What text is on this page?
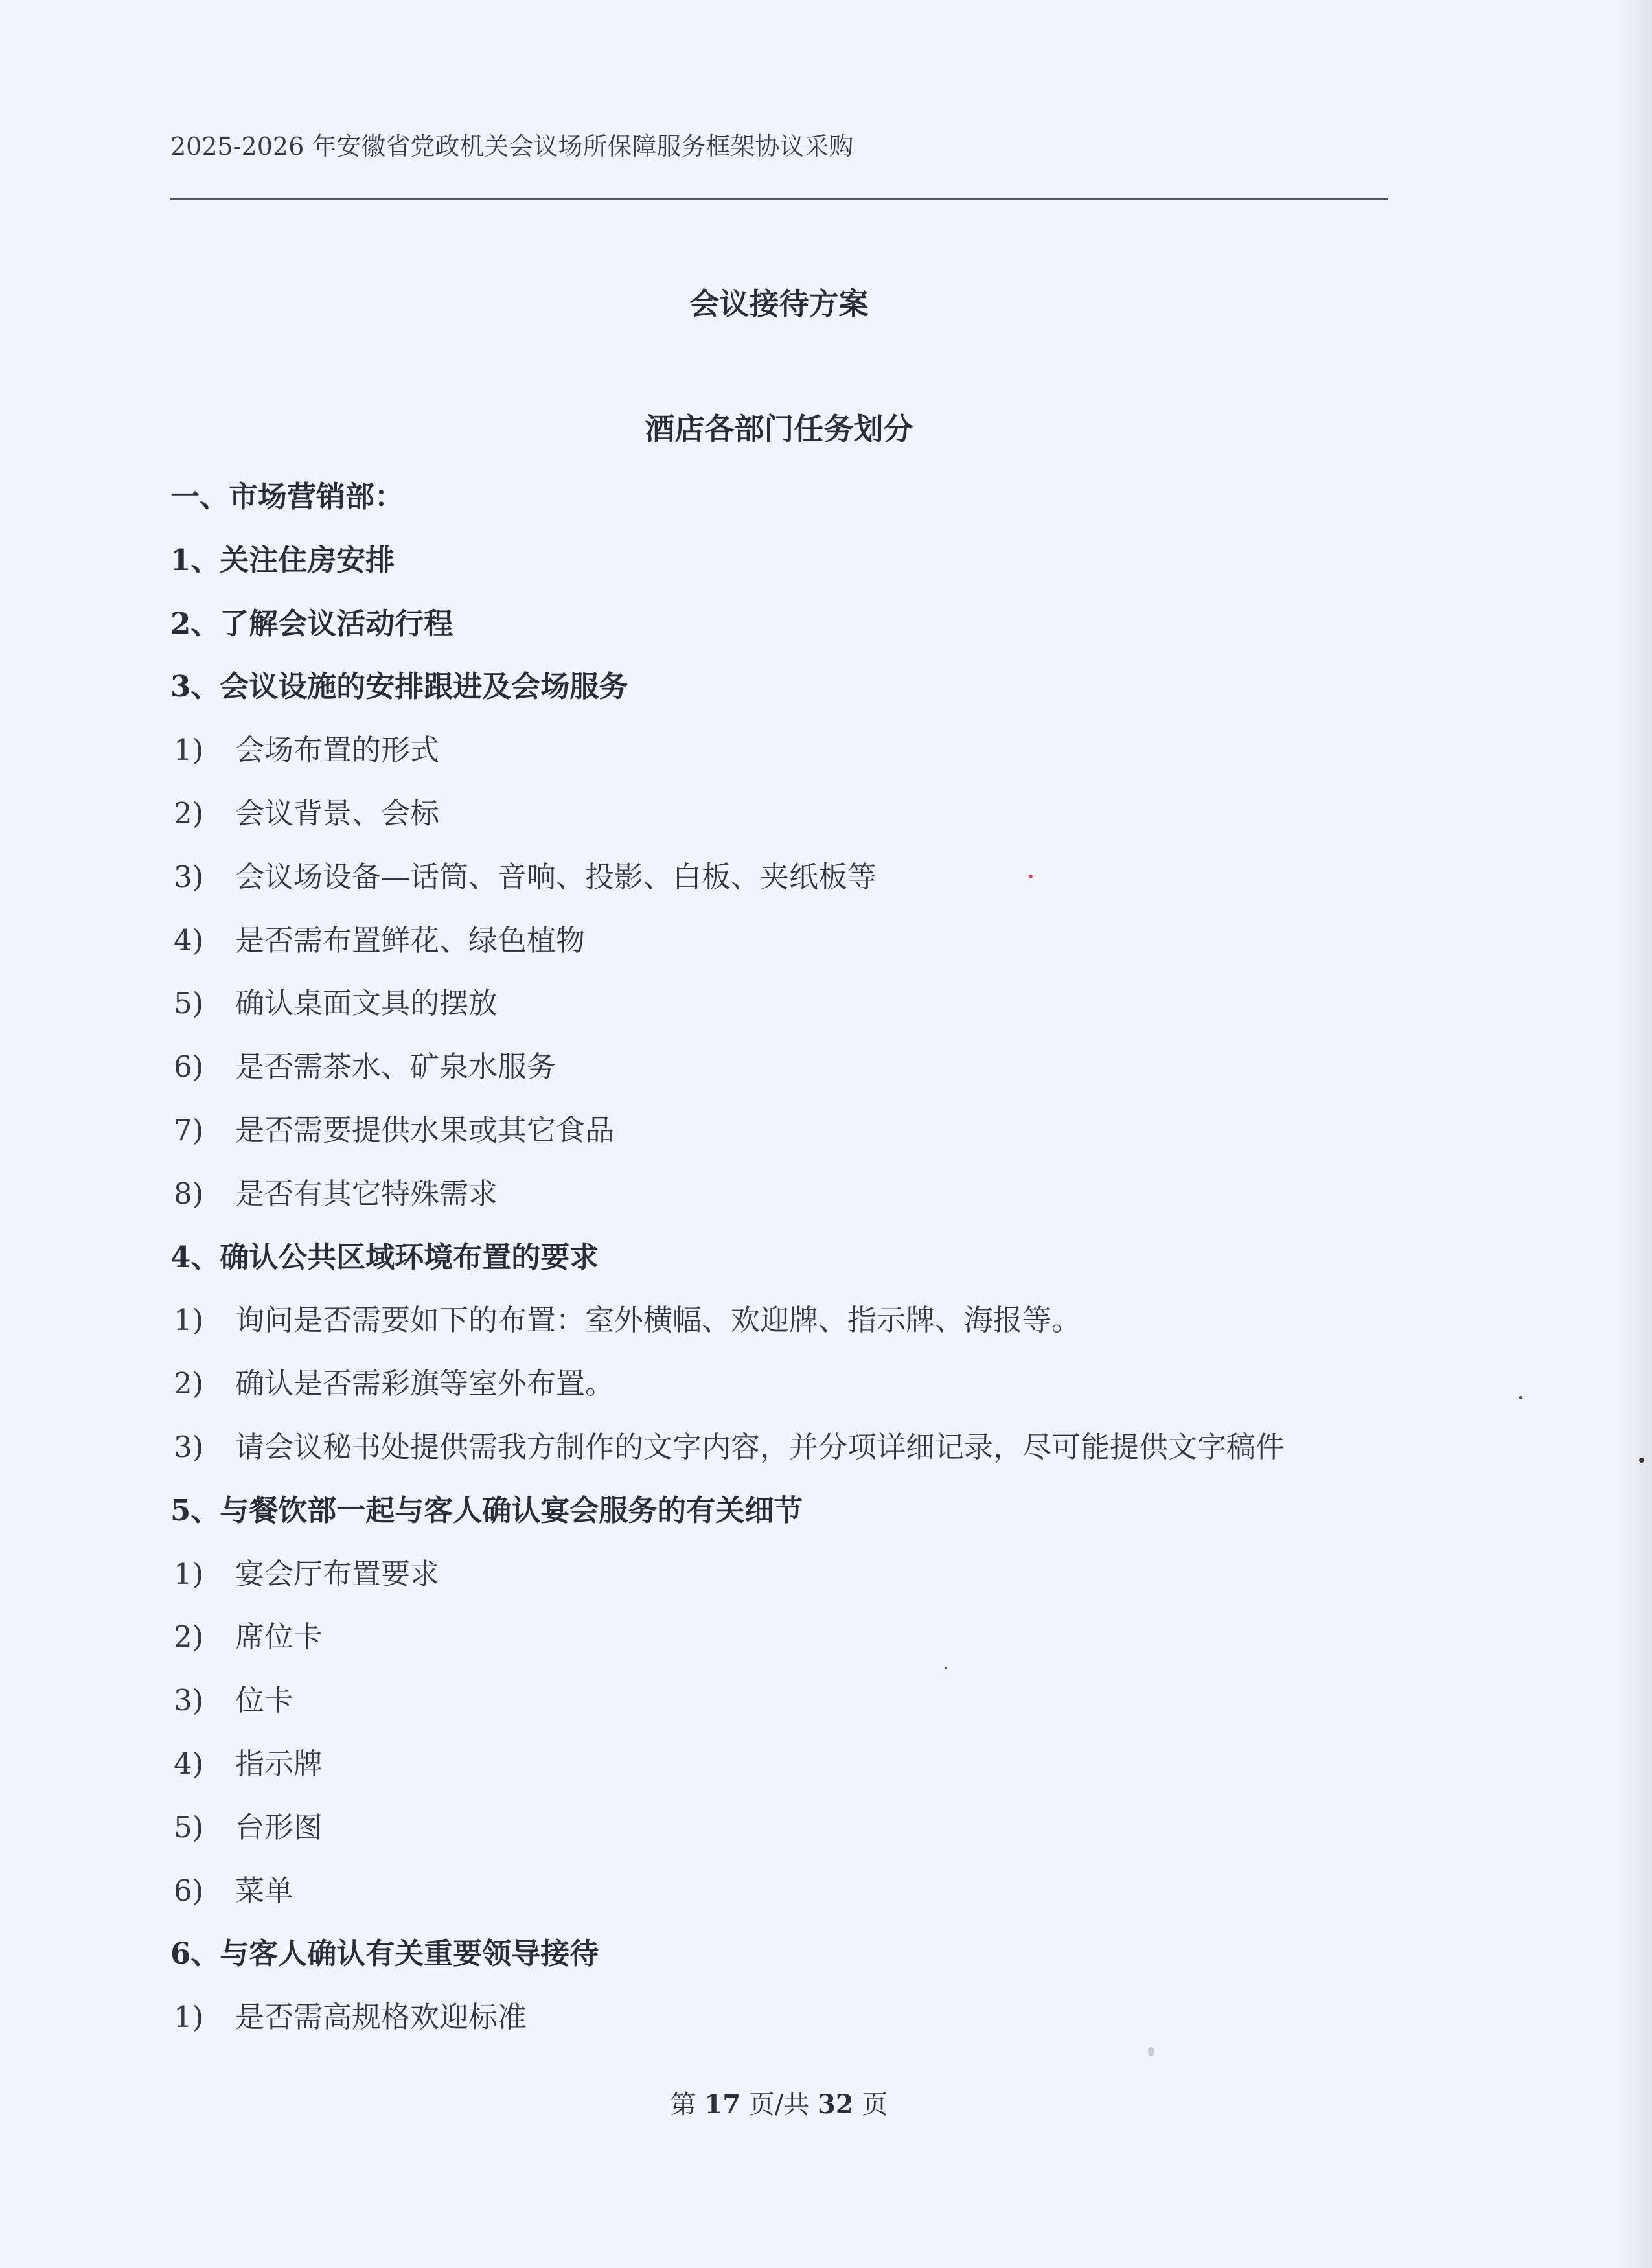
2025-2026 年安徽省党政机关会议场所保障服务框架协议采购
会议接待方案
酒店各部门任务划分
一、市场营销部：
1、关注住房安排
2、了解会议活动行程
3、会议设施的安排跟进及会场服务
1) 会场布置的形式
2) 会议背景、会标
3) 会议场设备—话筒、音响、投影、白板、夹纸板等
4) 是否需布置鲜花、绿色植物
5) 确认桌面文具的摆放
6) 是否需茶水、矿泉水服务
7) 是否需要提供水果或其它食品
8) 是否有其它特殊需求
4、确认公共区域环境布置的要求
1) 询问是否需要如下的布置：室外横幅、欢迎牌、指示牌、海报等。
2) 确认是否需彩旗等室外布置。
3) 请会议秘书处提供需我方制作的文字内容，并分项详细记录，尽可能提供文字稿件
5、与餐饮部一起与客人确认宴会服务的有关细节
1) 宴会厅布置要求
2) 席位卡
3) 位卡
4) 指示牌
5) 台形图
6) 菜单
6、与客人确认有关重要领导接待
1) 是否需高规格欢迎标准
第 17 页/共 32 页
